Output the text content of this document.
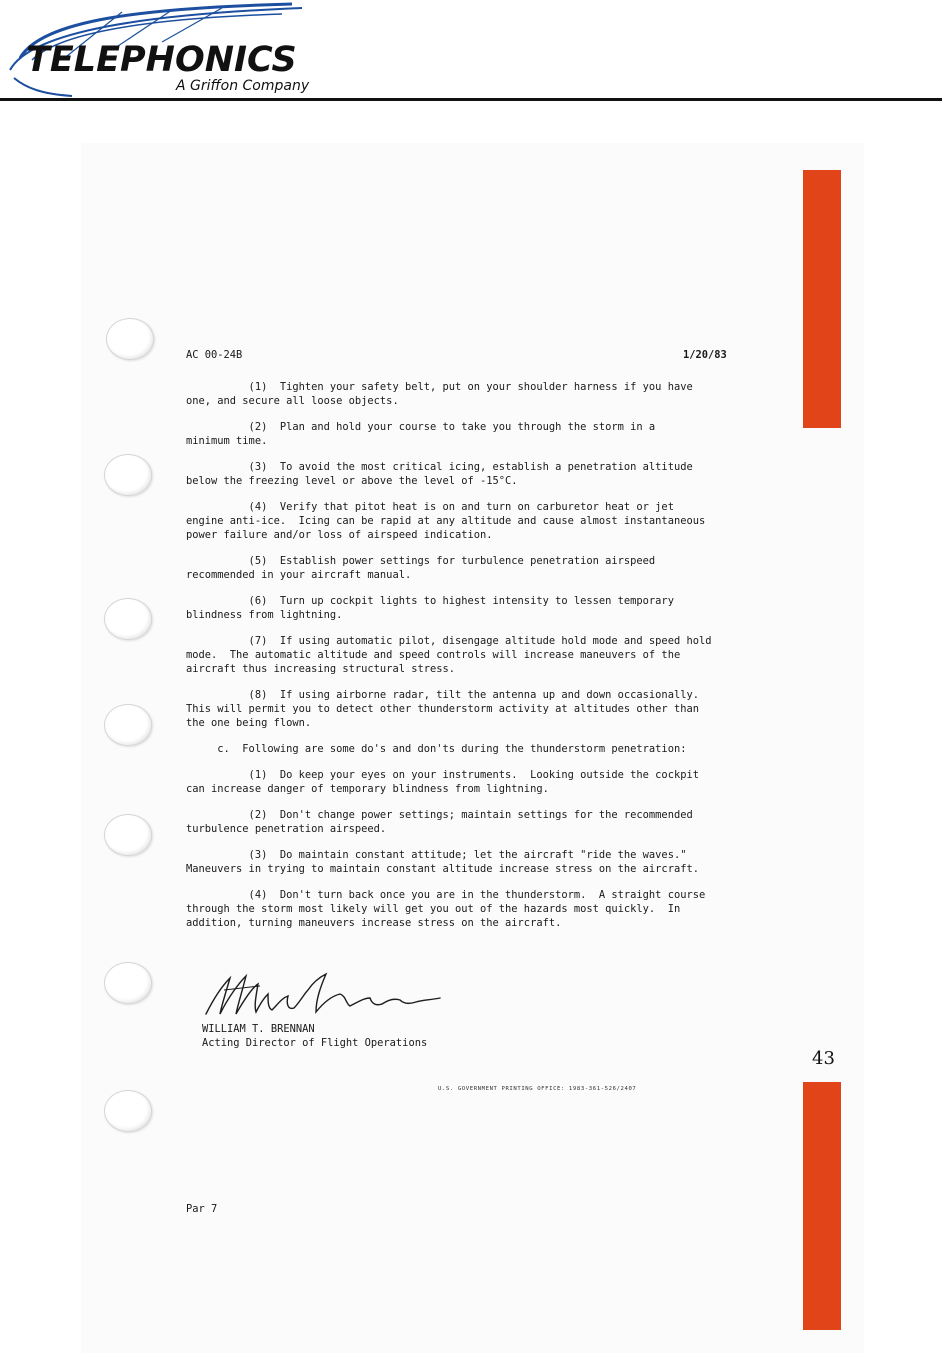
TELEPHONICS
A Griffon Company
43
AC 00-24B	1/20/83
(1)  Tighten your safety belt, put on your shoulder harness if you have
one, and secure all loose objects.
(2)  Plan and hold your course to take you through the storm in a
minimum time.
(3)  To avoid the most critical icing, establish a penetration altitude
below the freezing level or above the level of -15°C.
(4)  Verify that pitot heat is on and turn on carburetor heat or jet
engine anti-ice.  Icing can be rapid at any altitude and cause almost instantaneous
power failure and/or loss of airspeed indication.
(5)  Establish power settings for turbulence penetration airspeed
recommended in your aircraft manual.
(6)  Turn up cockpit lights to highest intensity to lessen temporary
blindness from lightning.
(7)  If using automatic pilot, disengage altitude hold mode and speed hold
mode.  The automatic altitude and speed controls will increase maneuvers of the
aircraft thus increasing structural stress.
(8)  If using airborne radar, tilt the antenna up and down occasionally.
This will permit you to detect other thunderstorm activity at altitudes other than
the one being flown.
c.  Following are some do's and don'ts during the thunderstorm penetration:
(1)  Do keep your eyes on your instruments.  Looking outside the cockpit
can increase danger of temporary blindness from lightning.
(2)  Don't change power settings; maintain settings for the recommended
turbulence penetration airspeed.
(3)  Do maintain constant attitude; let the aircraft "ride the waves."
Maneuvers in trying to maintain constant altitude increase stress on the aircraft.
(4)  Don't turn back once you are in the thunderstorm.  A straight course
through the storm most likely will get you out of the hazards most quickly.  In
addition, turning maneuvers increase stress on the aircraft.
WILLIAM T. BRENNAN
Acting Director of Flight Operations
U.S. GOVERNMENT PRINTING OFFICE: 1983-361-526/2407
Par 7
